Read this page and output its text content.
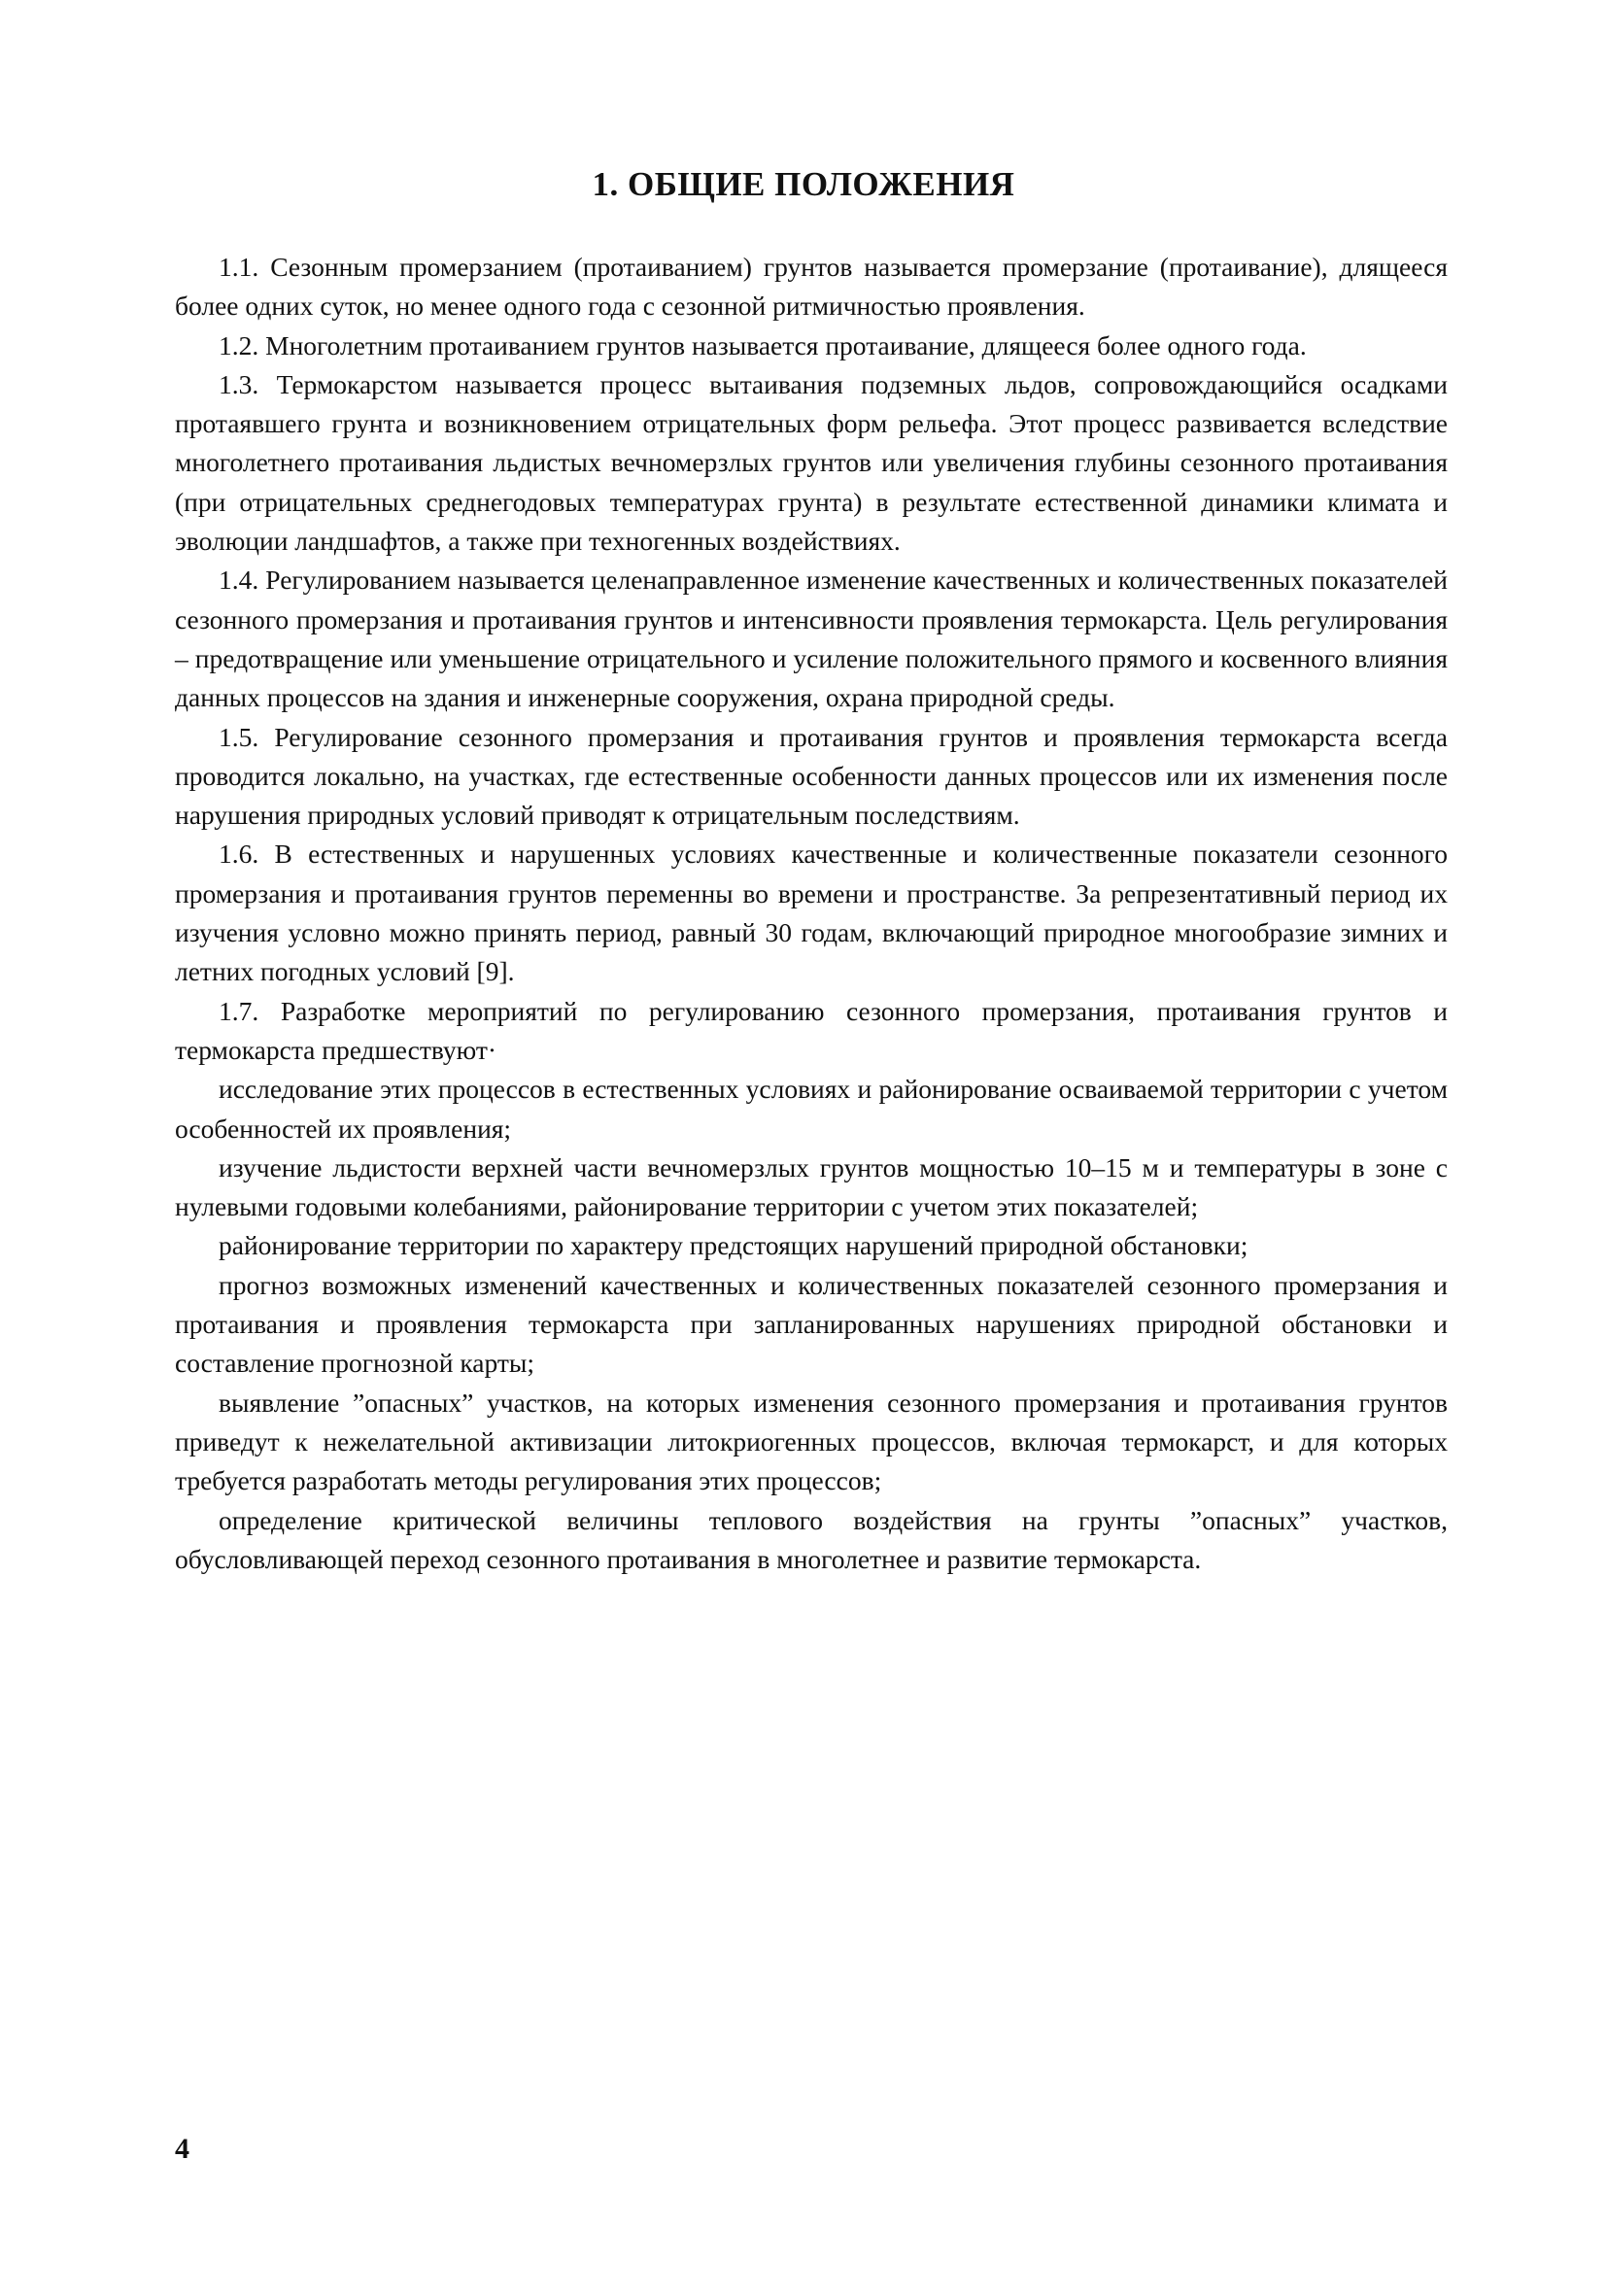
1. ОБЩИЕ ПОЛОЖЕНИЯ

1.1. Сезонным промерзанием (протаиванием) грунтов называется промерзание (протаивание), длящееся более одних суток, но менее одного года с сезонной ритмичностью проявления.

1.2. Многолетним протаиванием грунтов называется протаивание, длящееся более одного года.

1.3. Термокарстом называется процесс вытаивания подземных льдов, сопровождающийся осадками протаявшего грунта и возникновением отрицательных форм рельефа. Этот процесс развивается вследствие многолетнего протаивания льдистых вечномерзлых грунтов или увеличения глубины сезонного протаивания (при отрицательных среднегодовых температурах грунта) в результате естественной динамики климата и эволюции ландшафтов, а также при техногенных воздействиях.

1.4. Регулированием называется целенаправленное изменение качественных и количественных показателей сезонного промерзания и протаивания грунтов и интенсивности проявления термокарста. Цель регулирования – предотвращение или уменьшение отрицательного и усиление положительного прямого и косвенного влияния данных процессов на здания и инженерные сооружения, охрана природной среды.

1.5. Регулирование сезонного промерзания и протаивания грунтов и проявления термокарста всегда проводится локально, на участках, где естественные особенности данных процессов или их изменения после нарушения природных условий приводят к отрицательным последствиям.

1.6. В естественных и нарушенных условиях качественные и количественные показатели сезонного промерзания и протаивания грунтов переменны во времени и пространстве. За репрезентативный период их изучения условно можно принять период, равный 30 годам, включающий природное многообразие зимних и летних погодных условий [9].

1.7. Разработке мероприятий по регулированию сезонного промерзания, протаивания грунтов и термокарста предшествуют·

исследование этих процессов в естественных условиях и районирование осваиваемой территории с учетом особенностей их проявления;

изучение льдистости верхней части вечномерзлых грунтов мощностью 10–15 м и температуры в зоне с нулевыми годовыми колебаниями, районирование территории с учетом этих показателей;

районирование территории по характеру предстоящих нарушений природной обстановки;

прогноз возможных изменений качественных и количественных показателей сезонного промерзания и протаивания и проявления термокарста при запланированных нарушениях природной обстановки и составление прогнозной карты;

выявление ”опасных” участков, на которых изменения сезонного промерзания и протаивания грунтов приведут к нежелательной активизации литокриогенных процессов, включая термокарст, и для которых требуется разработать методы регулирования этих процессов;

определение критической величины теплового воздействия на грунты ”опасных” участков, обусловливающей переход сезонного протаивания в многолетнее и развитие термокарста.

4
